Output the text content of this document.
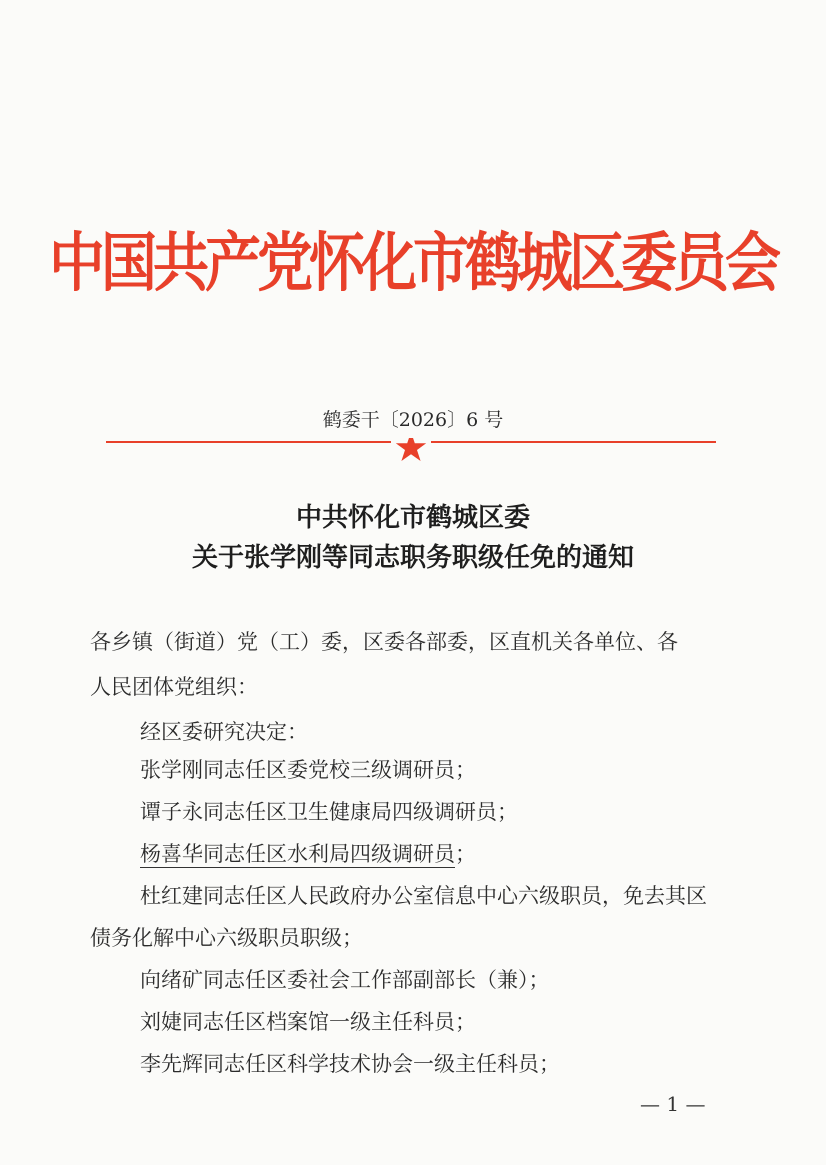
中国共产党怀化市鹤城区委员会
鹤委干〔2026〕6 号
中共怀化市鹤城区委
关于张学刚等同志职务职级任免的通知
各乡镇（街道）党（工）委，区委各部委，区直机关各单位、各
人民团体党组织：
经区委研究决定：
张学刚同志任区委党校三级调研员；
谭子永同志任区卫生健康局四级调研员；
杨喜华同志任区水利局四级调研员；
杜红建同志任区人民政府办公室信息中心六级职员，免去其区
债务化解中心六级职员职级；
向绪矿同志任区委社会工作部副部长（兼）；
刘婕同志任区档案馆一级主任科员；
李先辉同志任区科学技术协会一级主任科员；
— 1 —
